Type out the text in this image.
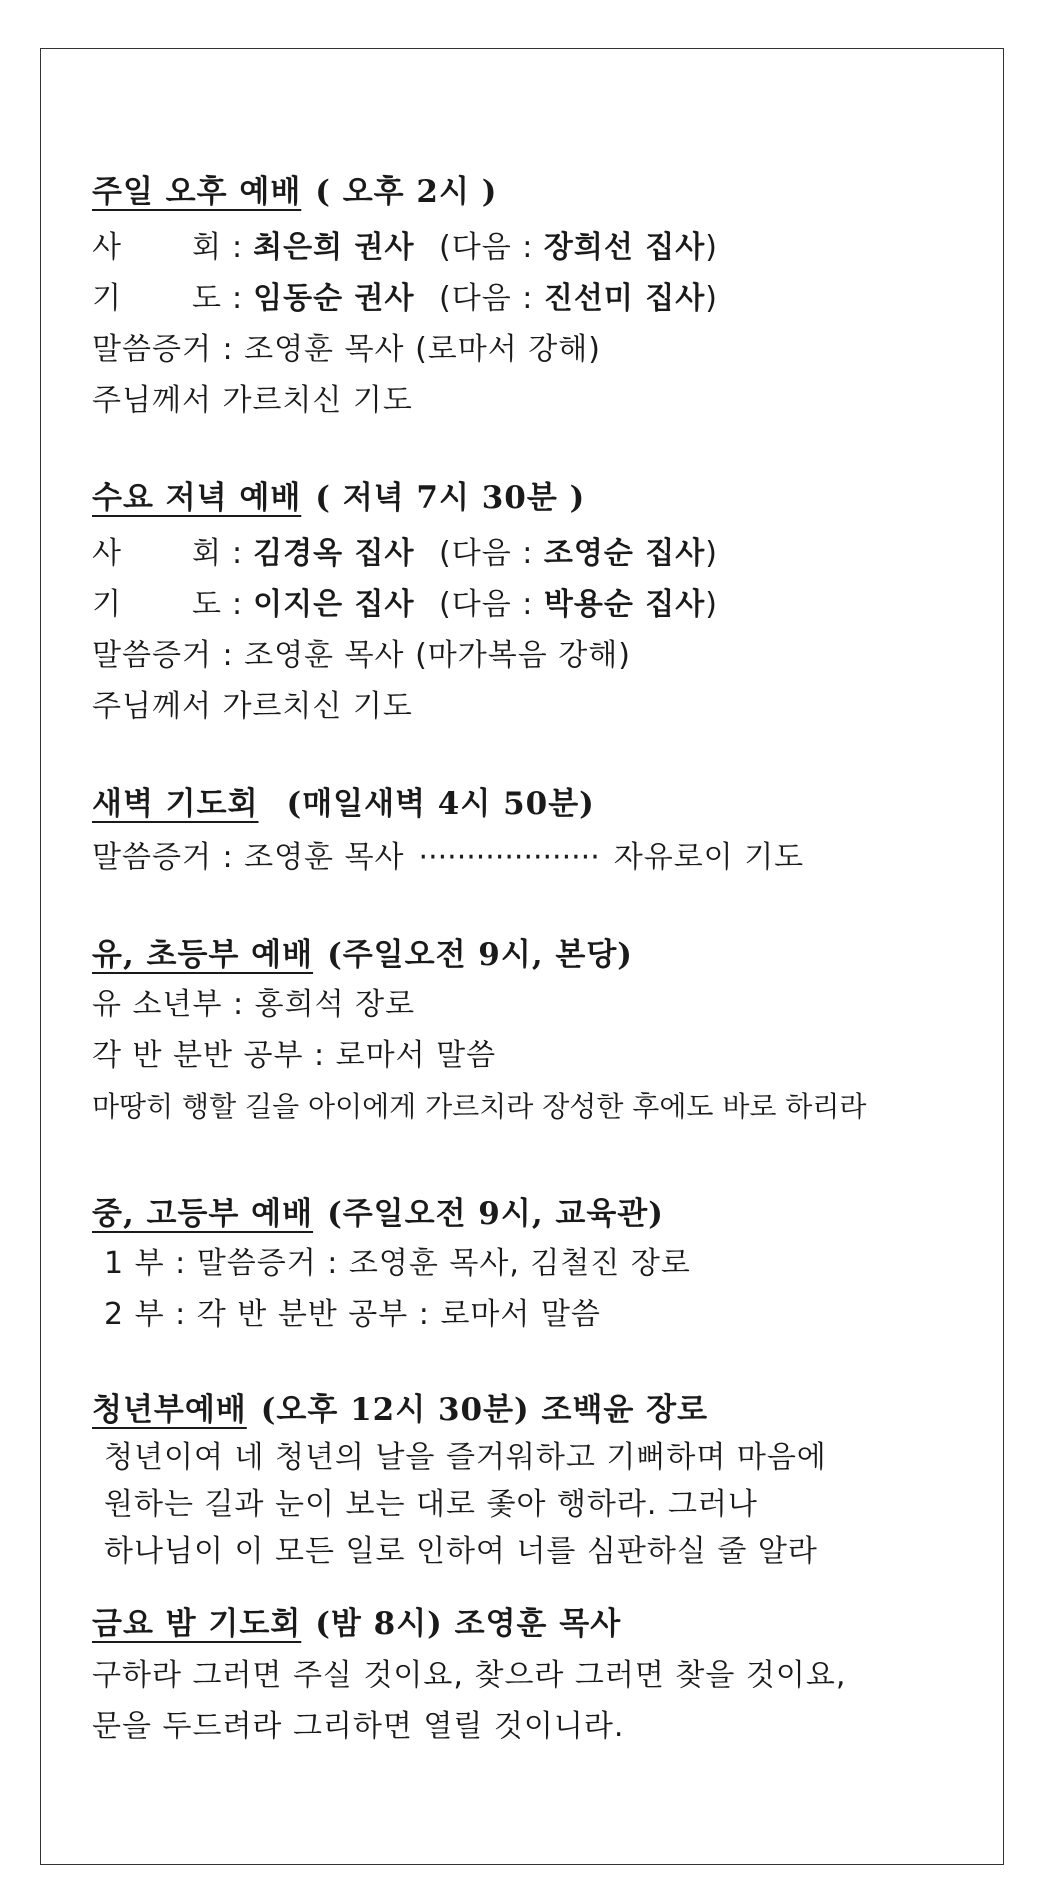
주일 오후 예배 ( 오후 2시 )
사 회 : 최은희 권사 (다음 : 장희선 집사)
기 도 : 임동순 권사 (다음 : 진선미 집사)
말씀증거 : 조영훈 목사 (로마서 강해)
주님께서 가르치신 기도
수요 저녁 예배 ( 저녁 7시 30분 )
사 회 : 김경옥 집사 (다음 : 조영순 집사)
기 도 : 이지은 집사 (다음 : 박용순 집사)
말씀증거 : 조영훈 목사 (마가복음 강해)
주님께서 가르치신 기도
새벽 기도회 (매일새벽 4시 50분)
말씀증거 : 조영훈 목사 ··················· 자유로이 기도
유, 초등부 예배 (주일오전 9시, 본당)
유 소년부 : 홍희석 장로
각 반 분반 공부 : 로마서 말씀
마땅히 행할 길을 아이에게 가르치라 장성한 후에도 바로 하리라
중, 고등부 예배 (주일오전 9시, 교육관)
1 부 : 말씀증거 : 조영훈 목사, 김철진 장로
2 부 : 각 반 분반 공부 : 로마서 말씀
청년부예배 (오후 12시 30분) 조백윤 장로
청년이여 네 청년의 날을 즐거워하고 기뻐하며 마음에
원하는 길과 눈이 보는 대로 좇아 행하라. 그러나
하나님이 이 모든 일로 인하여 너를 심판하실 줄 알라
금요 밤 기도회 (밤 8시) 조영훈 목사
구하라 그러면 주실 것이요, 찾으라 그러면 찾을 것이요,
문을 두드려라 그리하면 열릴 것이니라.
